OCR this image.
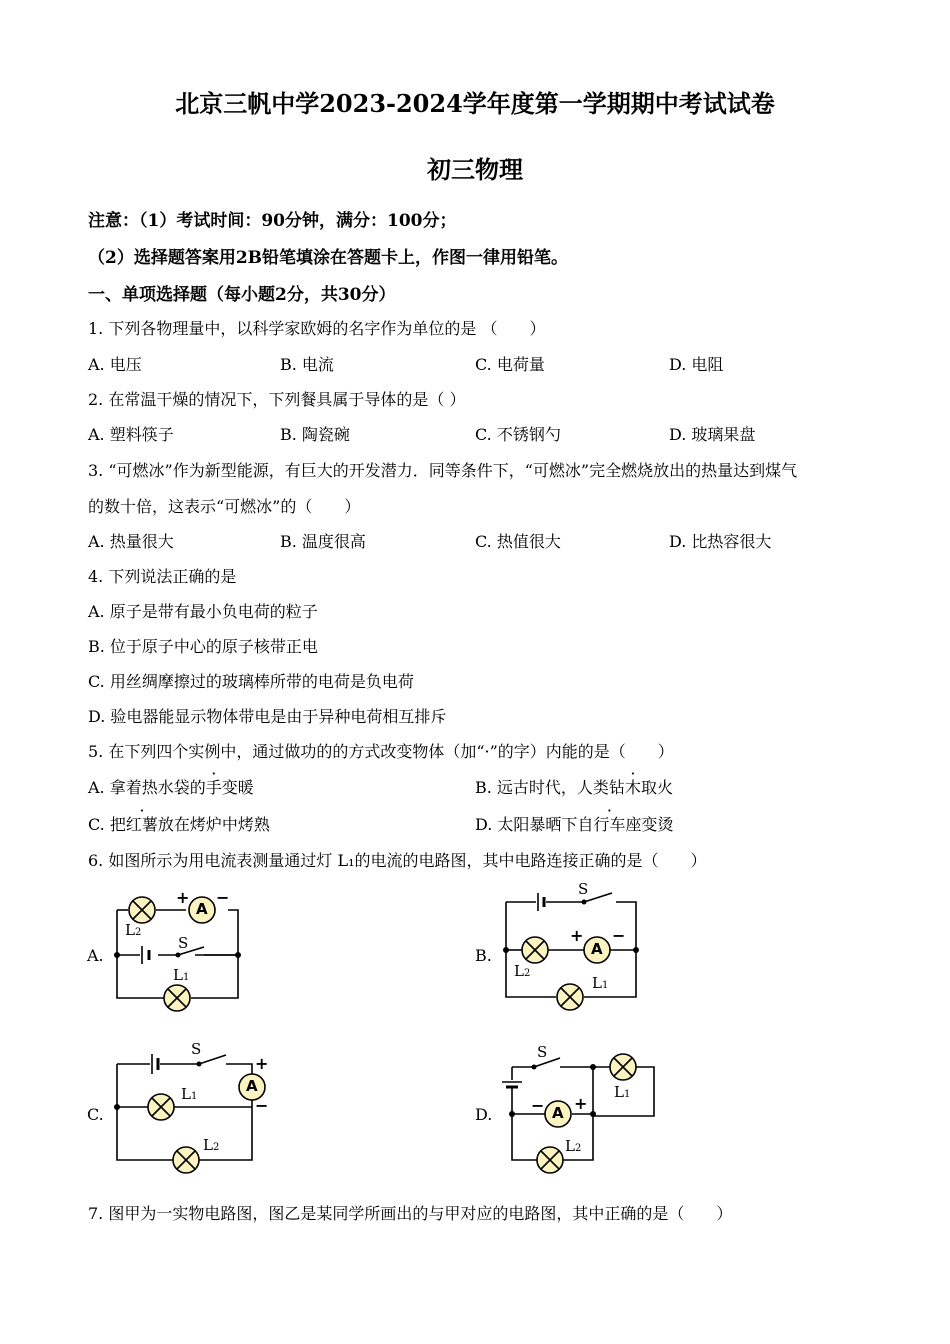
北京三帆中学2023-2024学年度第一学期期中考试试卷
初三物理
注意：（1）考试时间：90分钟，满分：100分；
（2）选择题答案用2B铅笔填涂在答题卡上，作图一律用铅笔。
一、单项选择题（每小题2分，共30分）
1. 下列各物理量中，以科学家欧姆的名字作为单位的是 （　　）
A. 电压	B. 电流	C. 电荷量	D. 电阻
2. 在常温干燥的情况下，下列餐具属于导体的是（ ）
A. 塑料筷子	B. 陶瓷碗	C. 不锈钢勺	D. 玻璃果盘
3. “可燃冰”作为新型能源，有巨大的开发潜力．同等条件下，“可燃冰”完全燃烧放出的热量达到煤气
的数十倍，这表示“可燃冰”的（　　）
A. 热量很大	B. 温度很高	C. 热值很大	D. 比热容很大
4. 下列说法正确的是
A. 原子是带有最小负电荷的粒子
B. 位于原子中心的原子核带正电
C. 用丝绸摩擦过的玻璃棒所带的电荷是负电荷
D. 验电器能显示物体带电是由于异种电荷相互排斥
5. 在下列四个实例中，通过做功的的方式改变物体（加“·”的字）内能的是（　　）
A. 拿着热水袋的手变暖	B. 远古时代，人类钻木取火
C. 把红薯放在烤炉中烤熟	D. 太阳暴晒下自行车座变烫
6. 如图所示为用电流表测量通过灯 L₁的电流的电路图，其中电路连接正确的是（　　）
A.	B.
C.	D.
A
+ −
L2
S
L1
S
A
+ −
L2
L1
S
A
+
−
L1
L2
S
A
− +
L1
L2
7. 图甲为一实物电路图，图乙是某同学所画出的与甲对应的电路图，其中正确的是（　　）
